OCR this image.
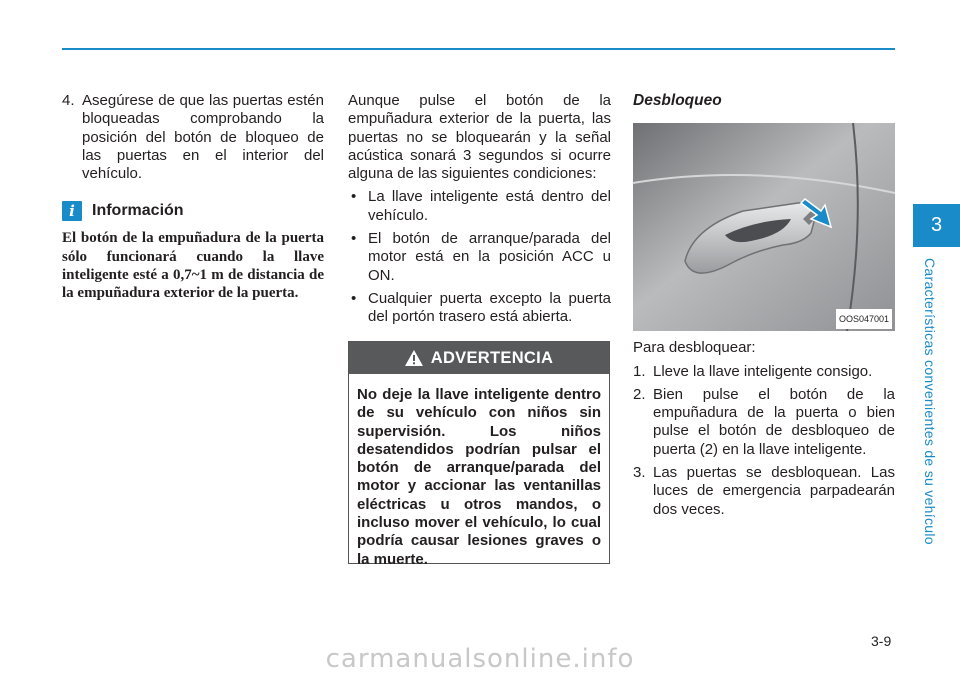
4. Asegúrese de que las puertas estén bloqueadas comprobando la posición del botón de bloqueo de las puertas en el interior del vehículo.
i	Información
El botón de la empuñadura de la puerta sólo funcionará cuando la llave inteligente esté a 0,7~1 m de distancia de la empuñadura exterior de la puerta.
Aunque pulse el botón de la empuñadura exterior de la puerta, las puertas no se bloquearán y la señal acústica sonará 3 segundos si ocurre alguna de las siguientes condiciones:
• La llave inteligente está dentro del vehículo.
• El botón de arranque/parada del motor está en la posición ACC u ON.
• Cualquier puerta excepto la puerta del portón trasero está abierta.
ADVERTENCIA
No deje la llave inteligente dentro de su vehículo con niños sin supervisión. Los niños desatendidos podrían pulsar el botón de arranque/parada del motor y accionar las ventanillas eléctricas u otros mandos, o incluso mover el vehículo, lo cual podría causar lesiones graves o la muerte.
Desbloqueo
OOS047001
Para desbloquear:
1. Lleve la llave inteligente consigo.
2. Bien pulse el botón de la empuñadura de la puerta o bien pulse el botón de desbloqueo de puerta (2) en la llave inteligente.
3. Las puertas se desbloquean. Las luces de emergencia parpadearán dos veces.
3
Características convenientes de su vehículo
3-9
carmanualsonline.info
